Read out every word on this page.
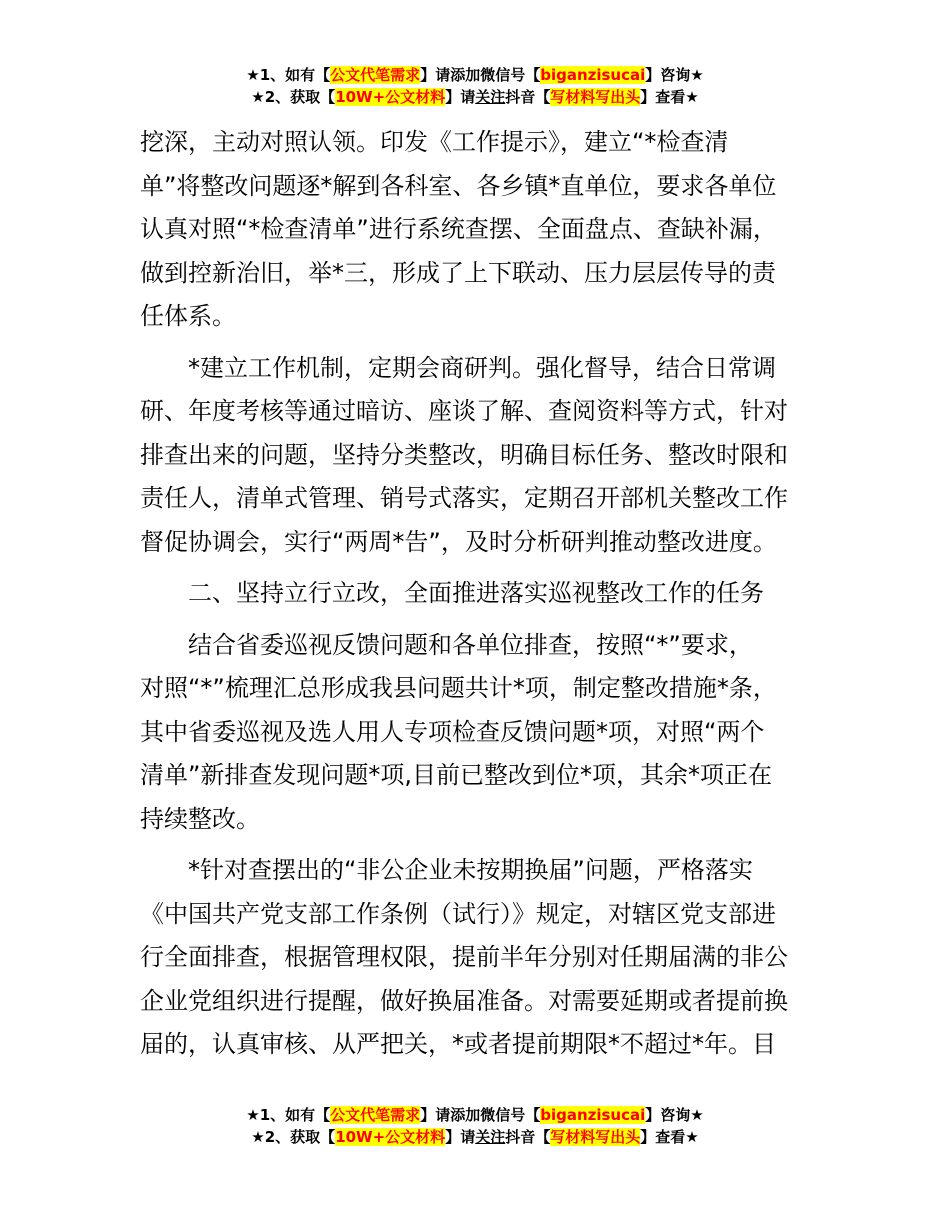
★1、如有【公文代笔需求】请添加微信号【biganzisucai】咨询★
★2、获取【10W+公文材料】请关注抖音【写材料写出头】查看★
挖深，主动对照认领。印发《工作提示》，建立“*检查清
单”将整改问题逐*解到各科室、各乡镇*直单位，要求各单位
认真对照“*检查清单”进行系统查摆、全面盘点、查缺补漏，
做到控新治旧，举*三，形成了上下联动、压力层层传导的责
任体系。
*建立工作机制，定期会商研判。强化督导，结合日常调
研、年度考核等通过暗访、座谈了解、查阅资料等方式，针对
排查出来的问题，坚持分类整改，明确目标任务、整改时限和
责任人，清单式管理、销号式落实，定期召开部机关整改工作
督促协调会，实行“两周*告”，及时分析研判推动整改进度。
二、坚持立行立改，全面推进落实巡视整改工作的任务
结合省委巡视反馈问题和各单位排查，按照“*”要求，
对照“*”梳理汇总形成我县问题共计*项，制定整改措施*条，
其中省委巡视及选人用人专项检查反馈问题*项，对照“两个
清单”新排查发现问题*项,目前已整改到位*项，其余*项正在
持续整改。
*针对查摆出的“非公企业未按期换届”问题，严格落实
《中国共产党支部工作条例（试行）》规定，对辖区党支部进
行全面排查，根据管理权限，提前半年分别对任期届满的非公
企业党组织进行提醒，做好换届准备。对需要延期或者提前换
届的，认真审核、从严把关，*或者提前期限*不超过*年。目
★1、如有【公文代笔需求】请添加微信号【biganzisucai】咨询★
★2、获取【10W+公文材料】请关注抖音【写材料写出头】查看★
